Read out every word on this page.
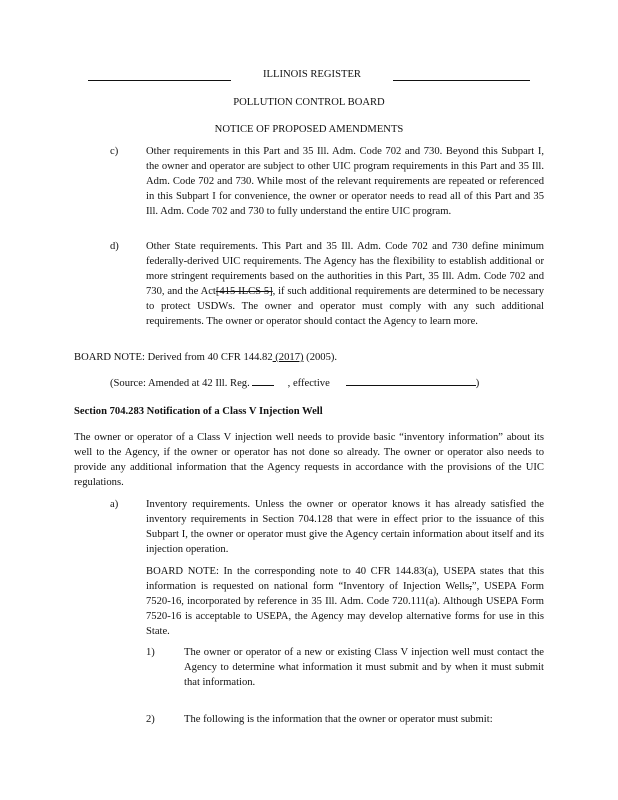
ILLINOIS REGISTER
POLLUTION CONTROL BOARD
NOTICE OF PROPOSED AMENDMENTS
c)	Other requirements in this Part and 35 Ill. Adm. Code 702 and 730. Beyond this Subpart I, the owner and operator are subject to other UIC program requirements in this Part and 35 Ill. Adm. Code 702 and 730. While most of the relevant requirements are repeated or referenced in this Subpart I for convenience, the owner or operator needs to read all of this Part and 35 Ill. Adm. Code 702 and 730 to fully understand the entire UIC program.
d)	Other State requirements. This Part and 35 Ill. Adm. Code 702 and 730 define minimum federally-derived UIC requirements. The Agency has the flexibility to establish additional or more stringent requirements based on the authorities in this Part, 35 Ill. Adm. Code 702 and 730, and the Act[415 ILCS 5], if such additional requirements are determined to be necessary to protect USDWs. The owner and operator must comply with any such additional requirements. The owner or operator should contact the Agency to learn more.
BOARD NOTE: Derived from 40 CFR 144.82 (2017) (2005).
(Source: Amended at 42 Ill. Reg.	, effective	)
Section 704.283 Notification of a Class V Injection Well
The owner or operator of a Class V injection well needs to provide basic “inventory information” about its well to the Agency, if the owner or operator has not done so already. The owner or operator also needs to provide any additional information that the Agency requests in accordance with the provisions of the UIC regulations.
a)	Inventory requirements. Unless the owner or operator knows it has already satisfied the inventory requirements in Section 704.128 that were in effect prior to the issuance of this Subpart I, the owner or operator must give the Agency certain information about itself and its injection operation.
BOARD NOTE: In the corresponding note to 40 CFR 144.83(a), USEPA states that this information is requested on national form “Inventory of Injection Wells,”, USEPA Form 7520-16, incorporated by reference in 35 Ill. Adm. Code 720.111(a). Although USEPA Form 7520-16 is acceptable to USEPA, the Agency may develop alternative forms for use in this State.
1)	The owner or operator of a new or existing Class V injection well must contact the Agency to determine what information it must submit and by when it must submit that information.
2)	The following is the information that the owner or operator must submit:
